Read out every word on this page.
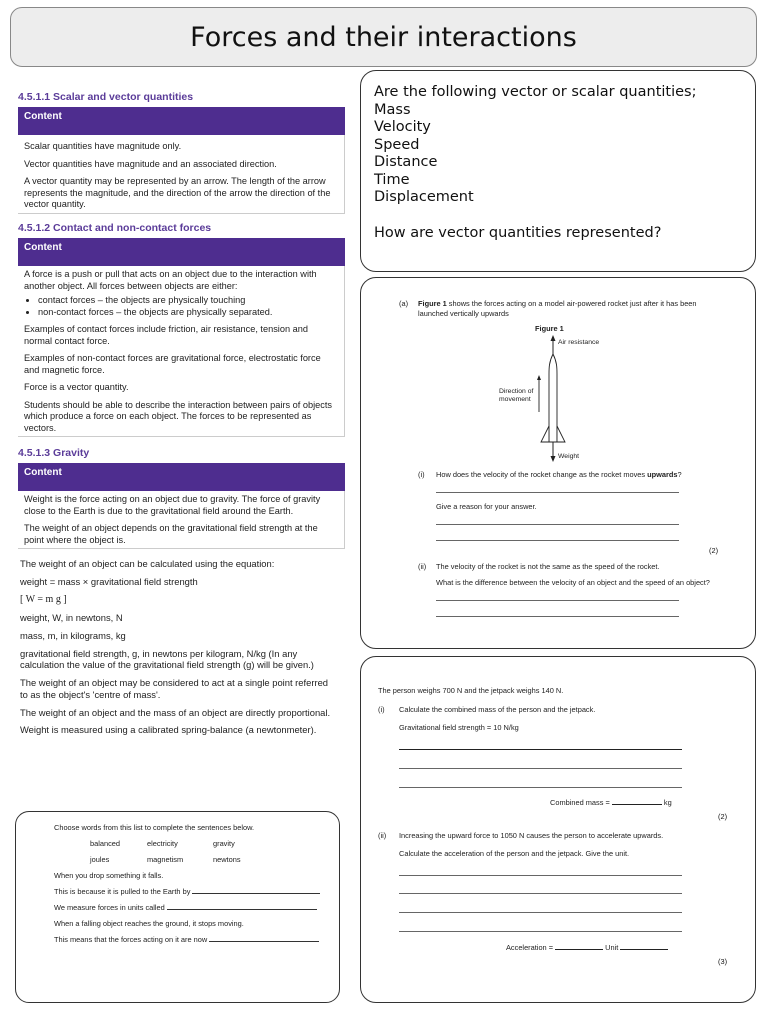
Forces and their interactions
4.5.1.1 Scalar and vector quantities
Content

Scalar quantities have magnitude only.

Vector quantities have magnitude and an associated direction.

A vector quantity may be represented by an arrow. The length of the arrow represents the magnitude, and the direction of the arrow the direction of the vector quantity.

4.5.1.2 Contact and non-contact forces
Content

A force is a push or pull that acts on an object due to the interaction with another object. All forces between objects are either:

• contact forces – the objects are physically touching
• non-contact forces – the objects are physically separated.

Examples of contact forces include friction, air resistance, tension and normal contact force.

Examples of non-contact forces are gravitational force, electrostatic force and magnetic force.

Force is a vector quantity.

Students should be able to describe the interaction between pairs of objects which produce a force on each object. The forces to be represented as vectors.

4.5.1.3 Gravity
Content

Weight is the force acting on an object due to gravity. The force of gravity close to the Earth is due to the gravitational field around the Earth.

The weight of an object depends on the gravitational field strength at the point where the object is.

The weight of an object can be calculated using the equation:

weight = mass × gravitational field strength

[ W = m g ]

weight, W, in newtons, N

mass, m, in kilograms, kg

gravitational field strength, g, in newtons per kilogram, N/kg (In any calculation the value of the gravitational field strength (g) will be given.)

The weight of an object may be considered to act at a single point referred to as the object's 'centre of mass'.

The weight of an object and the mass of an object are directly proportional.

Weight is measured using a calibrated spring-balance (a newtonmeter).

Are the following vector or scalar quantities;
Mass
Velocity
Speed
Distance
Time
Displacement
How are vector quantities represented?
(a) Figure 1 shows the forces acting on a model air-powered rocket just after it has been launched vertically upwards
Figure 1
Air resistance
Direction of
movement
Weight
(i) How does the velocity of the rocket change as the rocket moves upwards?
Give a reason for your answer.
(2)
(ii) The velocity of the rocket is not the same as the speed of the rocket.
What is the difference between the velocity of an object and the speed of an object?
The person weighs 700 N and the jetpack weighs 140 N.
(i) Calculate the combined mass of the person and the jetpack.
Gravitational field strength = 10 N/kg
Combined mass =	kg
(2)
(ii) Increasing the upward force to 1050 N causes the person to accelerate upwards.
Calculate the acceleration of the person and the jetpack. Give the unit.
Acceleration =	Unit
(3)
Choose words from this list to complete the sentences below.
balanced	electricity	gravity
joules	magnetism	newtons
When you drop something it falls.
This is because it is pulled to the Earth by
We measure forces in units called
When a falling object reaches the ground, it stops moving.
This means that the forces acting on it are now
